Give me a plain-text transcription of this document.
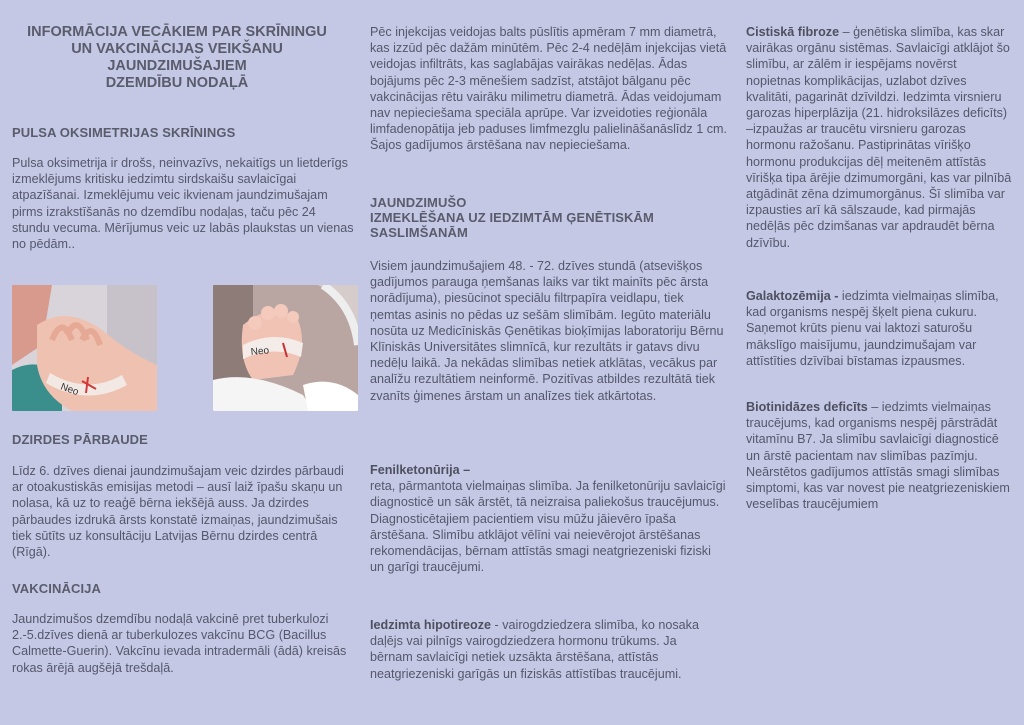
INFORMĀCIJA VECĀKIEM PAR SKRĪNINGU
UN VAKCINĀCIJAS VEIKŠANU
JAUNDZIMUŠAJIEM
DZEMDĪBU NODAĻĀ
PULSA OKSIMETRIJAS SKRĪNINGS

Pulsa oksimetrija ir drošs, neinvazīvs, nekaitīgs un lietderīgs izmeklējums kritisku iedzimtu sirdskaišu savlaicīgai atpazīšanai. Izmeklējumu veic ikvienam jaundzimušajam pirms izrakstīšanās no dzemdību nodaļas, taču pēc 24 stundu vecuma. Mērījumus veic uz labās plaukstas un vienas no pēdām..

Neo
Neo
DZIRDES PĀRBAUDE

Līdz 6. dzīves dienai jaundzimušajam veic dzirdes pārbaudi ar otoakustiskās emisijas metodi – ausī laiž īpašu skaņu un nolasa, kā uz to reaģē bērna iekšējā auss. Ja dzirdes pārbaudes izdrukā ārsts konstatē izmaiņas, jaundzimušais tiek sūtīts uz konsultāciju Latvijas Bērnu dzirdes centrā (Rīgā).

VAKCINĀCIJA

Jaundzimušos dzemdību nodaļā vakcinē pret tuberkulozi 2.-5.dzīves dienā ar tuberkulozes vakcīnu BCG (Bacillus Calmette-Guerin). Vakcīnu ievada intradermāli (ādā) kreisās rokas ārējā augšējā trešdaļā.

Pēc injekcijas veidojas balts pūslītis apmēram 7 mm diametrā, kas izzūd pēc dažām minūtēm. Pēc 2-4 nedēļām injekcijas vietā veidojas infiltrāts, kas saglabājas vairākas nedēļas. Ādas bojājums pēc 2-3 mēnešiem sadzīst, atstājot bālganu pēc vakcinācijas rētu vairāku milimetru diametrā. Ādas veidojumam nav nepieciešama speciāla aprūpe. Var izveidoties reģionāla limfadenopātija jeb paduses limfmezglu palielināšanāslīdz 1 cm. Šajos gadījumos ārstēšana nav nepieciešama.

JAUNDZIMUŠO
IZMEKLĒŠANA UZ IEDZIMTĀM ĢENĒTISKĀM SASLIMŠANĀM

Visiem jaundzimušajiem 48. - 72. dzīves stundā (atsevišķos gadījumos parauga ņemšanas laiks var tikt mainīts pēc ārsta norādījuma), piesūcinot speciālu filtrpapīra veidlapu, tiek ņemtas asinis no pēdas uz sešām slimībām. Iegūto materiālu nosūta uz Medicīniskās Ģenētikas bioķīmijas laboratoriju Bērnu Klīniskās Universitātes slimnīcā, kur rezultāts ir gatavs divu nedēļu laikā. Ja nekādas slimības netiek atklātas, vecākus par analīžu rezultātiem neinformē. Pozitīvas atbildes rezultātā tiek zvanīts ģimenes ārstam un analīzes tiek atkārtotas.

Fenilketonūrija –
reta, pārmantota vielmaiņas slimība. Ja fenilketonūriju savlaicīgi diagnosticē un sāk ārstēt, tā neizraisa paliekošus traucējumus. Diagnosticētajiem pacientiem visu mūžu jāievēro īpaša ārstēšana. Slimību atklājot vēlīni vai neievērojot ārstēšanas rekomendācijas, bērnam attīstās smagi neatgriezeniski fiziski un garīgi traucējumi.

Iedzimta hipotireoze - vairogdziedzera slimība, ko nosaka daļējs vai pilnīgs vairogdziedzera hormonu trūkums. Ja bērnam savlaicīgi netiek uzsākta ārstēšana, attīstās neatgriezeniski garīgās un fiziskās attīstības traucējumi.

Cistiskā fibroze – ģenētiska slimība, kas skar vairākas orgānu sistēmas. Savlaicīgi atklājot šo slimību, ar zālēm ir iespējams novērst nopietnas komplikācijas, uzlabot dzīves kvalitāti, pagarināt dzīvildzi. Iedzimta virsnieru garozas hiperplāzija (21. hidroksilāzes deficīts) –izpaužas ar traucētu virsnieru garozas hormonu ražošanu. Pastiprinātas vīrišķo hormonu produkcijas dēļ meitenēm attīstās vīrišķa tipa ārējie dzimumorgāni, kas var pilnībā atgādināt zēna dzimumorgānus. Šī slimība var izpausties arī kā sālszaude, kad pirmajās nedēļās pēc dzimšanas var apdraudēt bērna dzīvību.

Galaktozēmija - iedzimta vielmaiņas slimība, kad organisms nespēj šķelt piena cukuru. Saņemot krūts pienu vai laktozi saturošu mākslīgo maisījumu, jaundzimušajam var attīstīties dzīvībai bīstamas izpausmes.

Biotinidāzes deficīts – iedzimts vielmaiņas traucējums, kad organisms nespēj pārstrādāt vitamīnu B7. Ja slimību savlaicīgi diagnosticē un ārstē pacientam nav slimības pazīmju. Neārstētos gadījumos attīstās smagi slimības simptomi, kas var novest pie neatgriezeniskiem veselības traucējumiem
